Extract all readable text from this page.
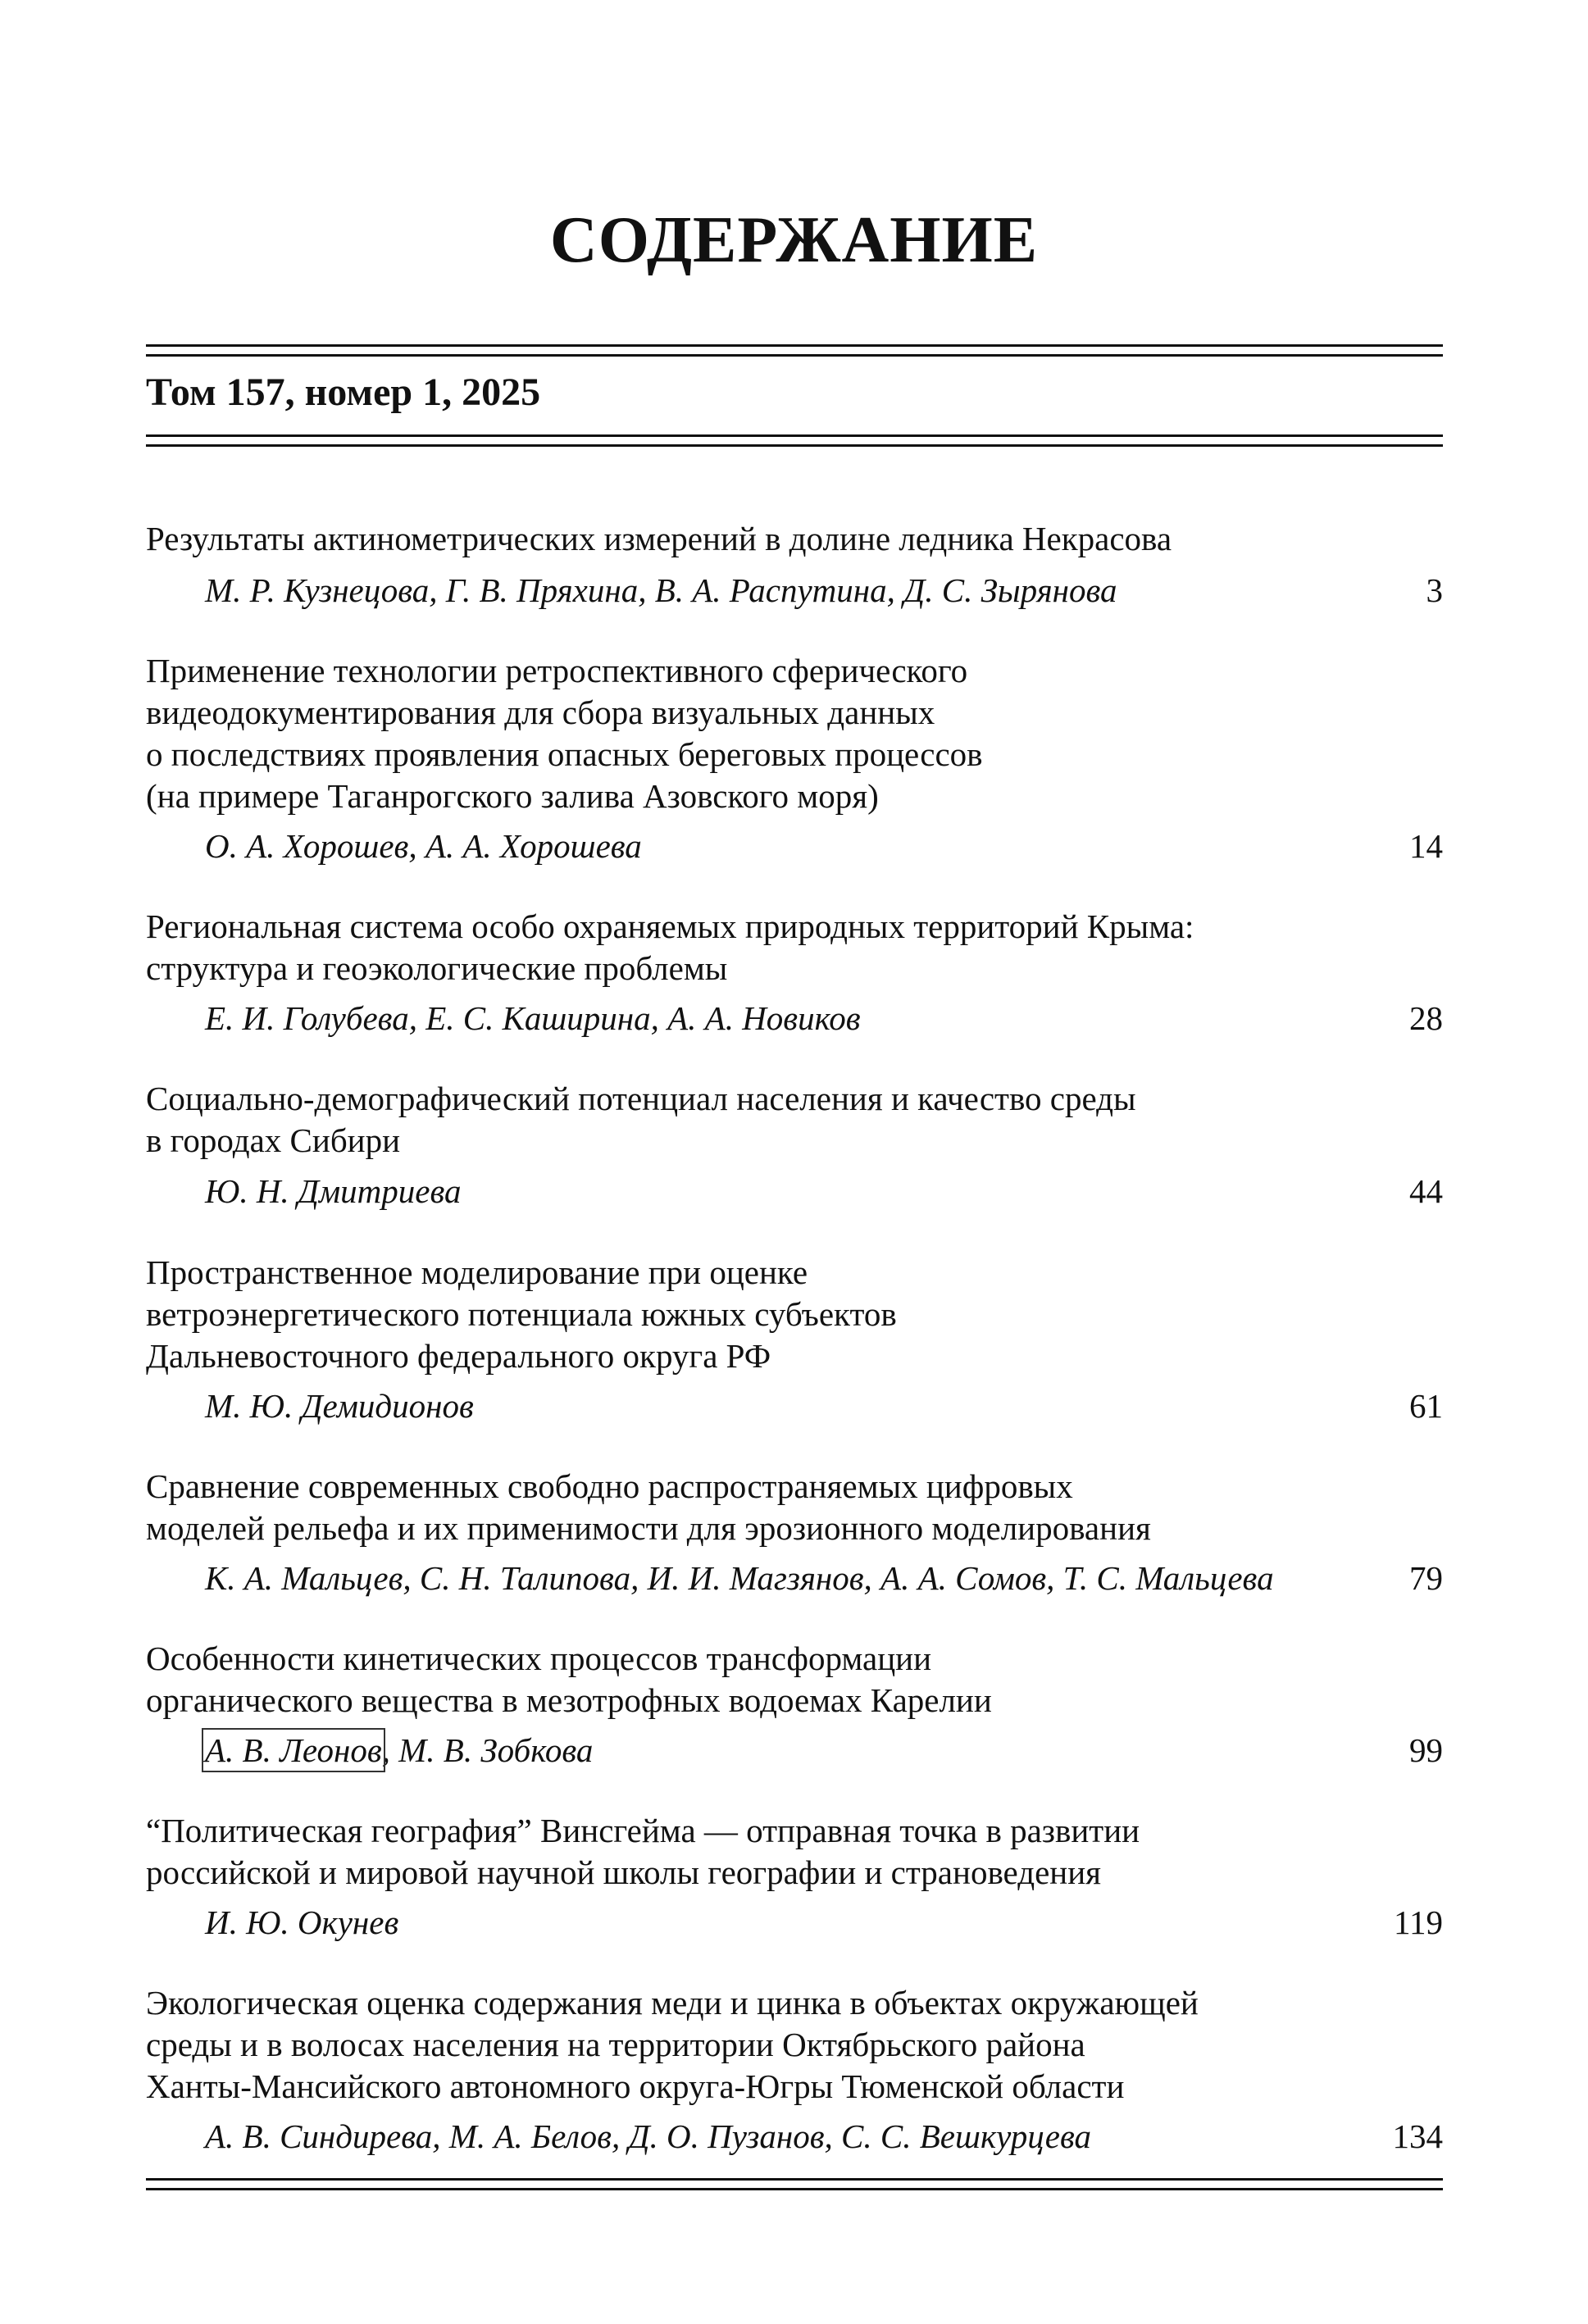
СОДЕРЖАНИЕ
Том 157, номер 1, 2025
Результаты актинометрических измерений в долине ледника Некрасова
М. Р. Кузнецова, Г. В. Пряхина, В. А. Распутина, Д. С. Зырянова	3
Применение технологии ретроспективного сферического
видеодокументирования для сбора визуальных данных
о последствиях проявления опасных береговых процессов
(на примере Таганрогского залива Азовского моря)
О. А. Хорошев, А. А. Хорошева	14
Региональная система особо охраняемых природных территорий Крыма:
структура и геоэкологические проблемы
Е. И. Голубева, Е. С. Каширина, А. А. Новиков	28
Социально-демографический потенциал населения и качество среды
в городах Сибири
Ю. Н. Дмитриева	44
Пространственное моделирование при оценке
ветроэнергетического потенциала южных субъектов
Дальневосточного федерального округа РФ
М. Ю. Демидионов	61
Сравнение современных свободно распространяемых цифровых
моделей рельефа и их применимости для эрозионного моделирования
К. А. Мальцев, С. Н. Талипова, И. И. Магзянов, А. А. Сомов, Т. С. Мальцева	79
Особенности кинетических процессов трансформации
органического вещества в мезотрофных водоемах Карелии
А. В. Леонов, М. В. Зобкова	99
“Политическая география” Винсгейма — отправная точка в развитии
российской и мировой научной школы географии и страноведения
И. Ю. Окунев	119
Экологическая оценка содержания меди и цинка в объектах окружающей
среды и в волосах населения на территории Октябрьского района
Ханты-Мансийского автономного округа-Югры Тюменской области
А. В. Синдирева, М. А. Белов, Д. О. Пузанов, С. С. Вешкурцева	134
